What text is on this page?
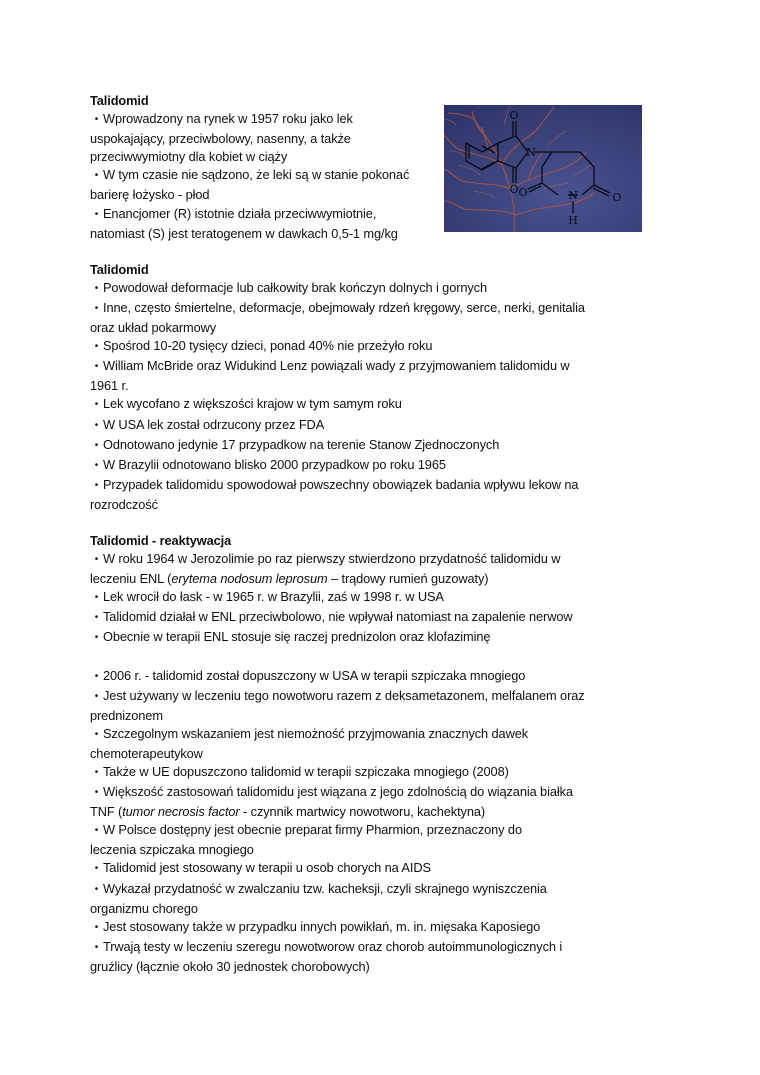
O
O
N
O	O
N
H

Talidomid

• Wprowadzony na rynek w 1957 roku jako lek

uspokajający, przeciwbolowy, nasenny, a także

przeciwwymiotny dla kobiet w ciąży

• W tym czasie nie sądzono, że leki są w stanie pokonać

barierę łożysko - płod

• Enancjomer (R) istotnie działa przeciwwymiotnie,

natomiast (S) jest teratogenem w dawkach 0,5-1 mg/kg

Talidomid

• Powodował deformacje lub całkowity brak kończyn dolnych i gornych

• Inne, często śmiertelne, deformacje, obejmowały rdzeń kręgowy, serce, nerki, genitalia

oraz układ pokarmowy

• Spośrod 10-20 tysięcy dzieci, ponad 40% nie przeżyło roku

• William McBride oraz Widukind Lenz powiązali wady z przyjmowaniem talidomidu w

1961 r.

• Lek wycofano z większości krajow w tym samym roku

• W USA lek został odrzucony przez FDA

• Odnotowano jedynie 17 przypadkow na terenie Stanow Zjednoczonych

• W Brazylii odnotowano blisko 2000 przypadkow po roku 1965

• Przypadek talidomidu spowodował powszechny obowiązek badania wpływu lekow na

rozrodczość

Talidomid - reaktywacja

• W roku 1964 w Jerozolimie po raz pierwszy stwierdzono przydatność talidomidu w

leczeniu ENL (erytema nodosum leprosum – trądowy rumień guzowaty)

• Lek wrocił do łask - w 1965 r. w Brazylii, zaś w 1998 r. w USA

• Talidomid działał w ENL przeciwbolowo, nie wpływał natomiast na zapalenie nerwow

• Obecnie w terapii ENL stosuje się raczej prednizolon oraz klofaziminę

• 2006 r. - talidomid został dopuszczony w USA w terapii szpiczaka mnogiego

• Jest używany w leczeniu tego nowotworu razem z deksametazonem, melfalanem oraz

prednizonem

• Szczegolnym wskazaniem jest niemożność przyjmowania znacznych dawek

chemoterapeutykow

• Także w UE dopuszczono talidomid w terapii szpiczaka mnogiego (2008)

• Większość zastosowań talidomidu jest wiązana z jego zdolnością do wiązania białka

TNF (tumor necrosis factor - czynnik martwicy nowotworu, kachektyna)

• W Polsce dostępny jest obecnie preparat firmy Pharmion, przeznaczony do

leczenia szpiczaka mnogiego

• Talidomid jest stosowany w terapii u osob chorych na AIDS

• Wykazał przydatność w zwalczaniu tzw. kacheksji, czyli skrajnego wyniszczenia

organizmu chorego

• Jest stosowany także w przypadku innych powikłań, m. in. mięsaka Kaposiego

• Trwają testy w leczeniu szeregu nowotworow oraz chorob autoimmunologicznych i

gruźlicy (łącznie około 30 jednostek chorobowych)
